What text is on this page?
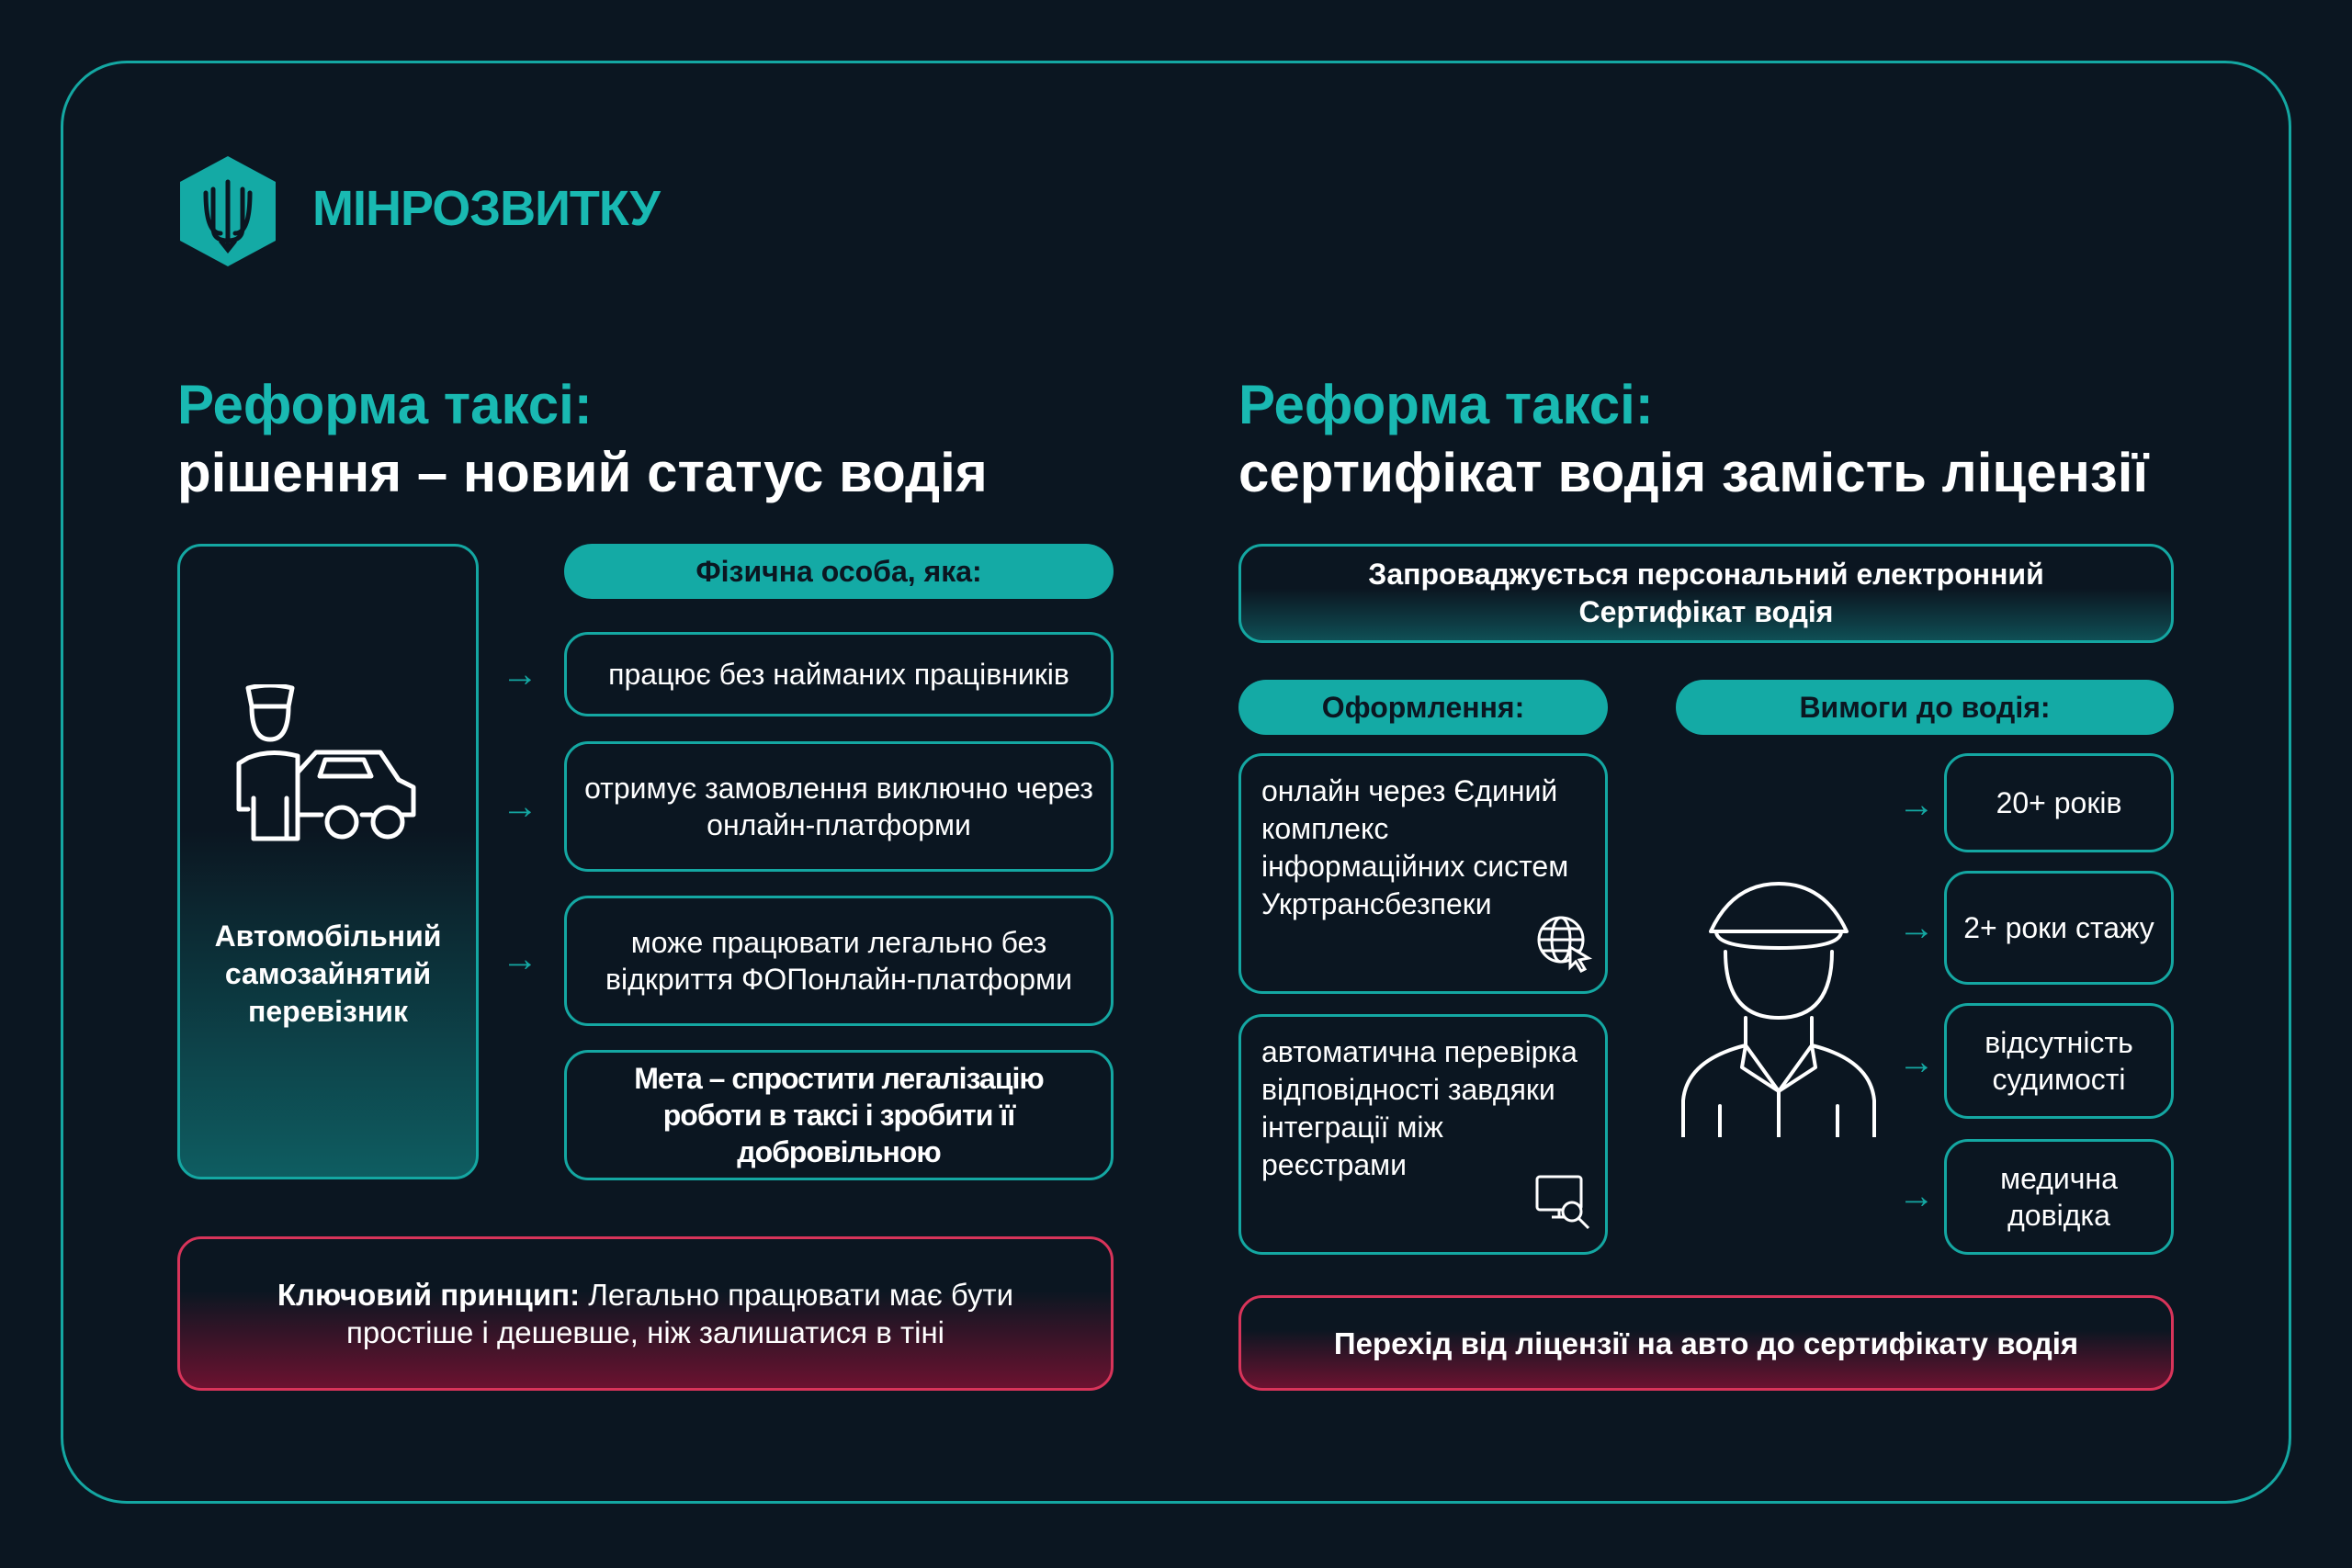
МІНРОЗВИТКУ
Реформа таксі:
рішення – новий статус водія
Автомобільний самозайнятий перевізник
Фізична особа, яка:
→
→
→
працює без найманих працівників
отримує замовлення виключно через онлайн-платформи
може працювати легально без відкриття ФОПонлайн-платформи
Мета – спростити легалізацію роботи в таксі і зробити її добровільною
Ключовий принцип: Легально працювати має бути простіше і дешевше, ніж залишатися в тіні
Реформа таксі:
сертифікат водія замість ліцензії
Запроваджується персональний електронний
Сертифікат водія
Оформлення:
онлайн через Єдиний комплекс інформаційних систем Укртрансбезпеки
автоматична перевірка відповідності завдяки інтеграції між реєстрами
Вимоги до водія:
→
→
→
→
20+ років
2+ роки стажу
відсутність судимості
медична довідка
Перехід від ліцензії на авто до сертифікату водія
